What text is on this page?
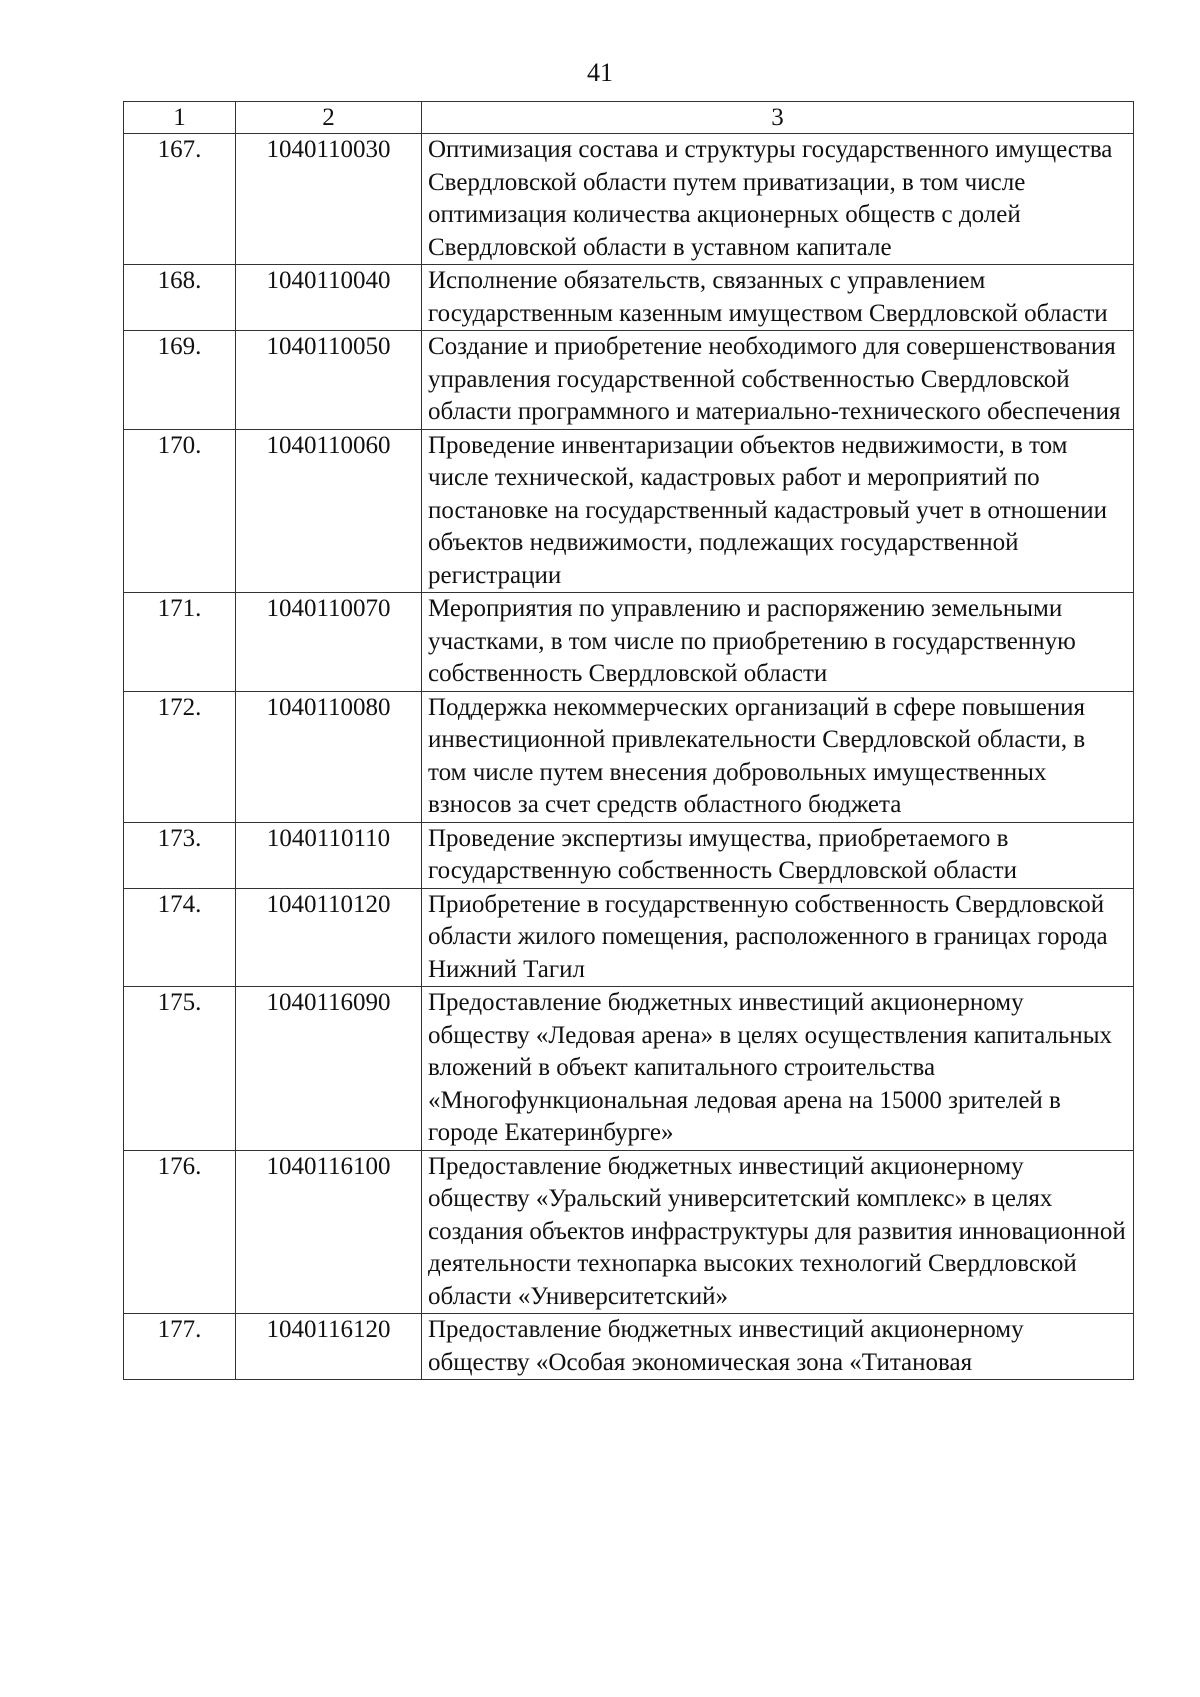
41
1	2	3
167.	1040110030	Оптимизация состава и структуры государственного имущества Свердловской области путем приватизации, в том числе оптимизация количества акционерных обществ с долей Свердловской области в уставном капитале
168.	1040110040	Исполнение обязательств, связанных с управлением государственным казенным имуществом Свердловской области
169.	1040110050	Создание и приобретение необходимого для совершенствования управления государственной собственностью Свердловской области программного и материально-технического обеспечения
170.	1040110060	Проведение инвентаризации объектов недвижимости, в том числе технической, кадастровых работ и мероприятий по постановке на государственный кадастровый учет в отношении объектов недвижимости, подлежащих государственной регистрации
171.	1040110070	Мероприятия по управлению и распоряжению земельными участками, в том числе по приобретению в государственную собственность Свердловской области
172.	1040110080	Поддержка некоммерческих организаций в сфере повышения инвестиционной привлекательности Свердловской области, в том числе путем внесения добровольных имущественных взносов за счет средств областного бюджета
173.	1040110110	Проведение экспертизы имущества, приобретаемого в государственную собственность Свердловской области
174.	1040110120	Приобретение в государственную собственность Свердловской области жилого помещения, расположенного в границах города Нижний Тагил
175.	1040116090	Предоставление бюджетных инвестиций акционерному обществу «Ледовая арена» в целях осуществления капитальных вложений в объект капитального строительства «Многофункциональная ледовая арена на 15000 зрителей в городе Екатеринбурге»
176.	1040116100	Предоставление бюджетных инвестиций акционерному обществу «Уральский университетский комплекс» в целях создания объектов инфраструктуры для развития инновационной деятельности технопарка высоких технологий Свердловской области «Университетский»
177.	1040116120	Предоставление бюджетных инвестиций акционерному обществу «Особая экономическая зона «Титановая
